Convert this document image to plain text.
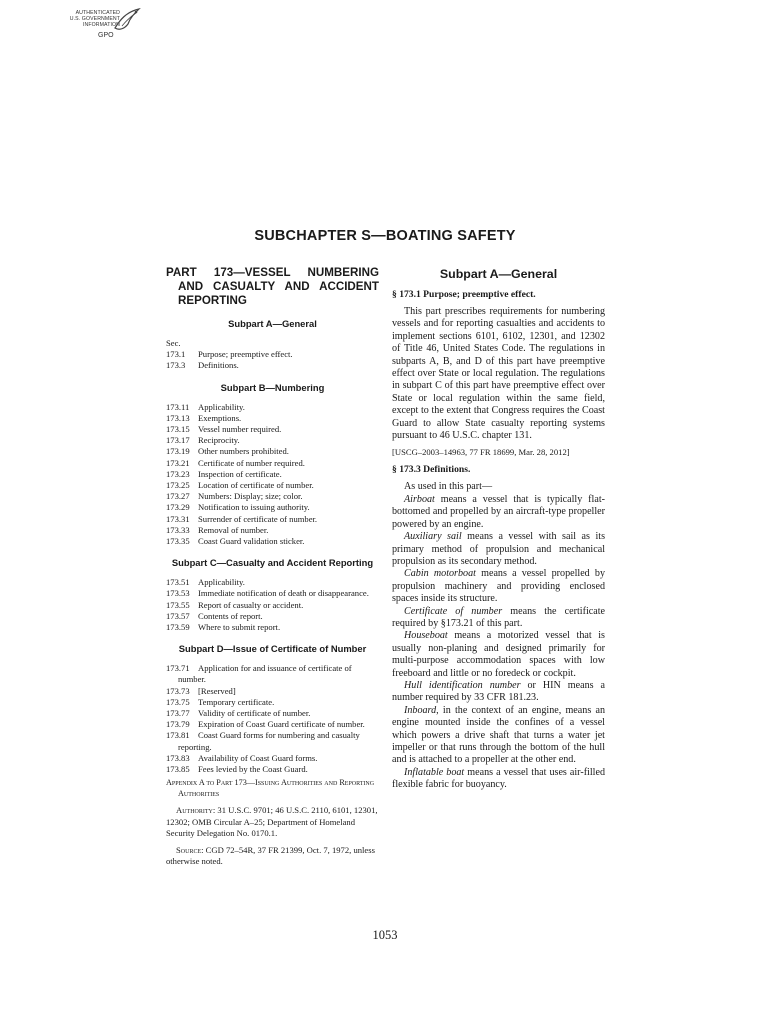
AUTHENTICATED
U.S. GOVERNMENT
INFORMATION
GPO
SUBCHAPTER S—BOATING SAFETY
PART 173—VESSEL NUMBERING AND CASUALTY AND ACCIDENT REPORTING
Subpart A—General
Sec.
173.1 Purpose; preemptive effect.
173.3 Definitions.
Subpart B—Numbering
173.11 Applicability.
173.13 Exemptions.
173.15 Vessel number required.
173.17 Reciprocity.
173.19 Other numbers prohibited.
173.21 Certificate of number required.
173.23 Inspection of certificate.
173.25 Location of certificate of number.
173.27 Numbers: Display; size; color.
173.29 Notification to issuing authority.
173.31 Surrender of certificate of number.
173.33 Removal of number.
173.35 Coast Guard validation sticker.
Subpart C—Casualty and Accident Reporting
173.51 Applicability.
173.53 Immediate notification of death or disappearance.
173.55 Report of casualty or accident.
173.57 Contents of report.
173.59 Where to submit report.
Subpart D—Issue of Certificate of Number
173.71 Application for and issuance of certificate of number.
173.73 [Reserved]
173.75 Temporary certificate.
173.77 Validity of certificate of number.
173.79 Expiration of Coast Guard certificate of number.
173.81 Coast Guard forms for numbering and casualty reporting.
173.83 Availability of Coast Guard forms.
173.85 Fees levied by the Coast Guard.
Appendix A to Part 173—Issuing Authorities and Reporting Authorities
Authority: 31 U.S.C. 9701; 46 U.S.C. 2110, 6101, 12301, 12302; OMB Circular A–25; Department of Homeland Security Delegation No. 0170.1.
Source: CGD 72–54R, 37 FR 21399, Oct. 7, 1972, unless otherwise noted.
Subpart A—General
§ 173.1 Purpose; preemptive effect.

This part prescribes requirements for numbering vessels and for reporting casualties and accidents to implement sections 6101, 6102, 12301, and 12302 of Title 46, United States Code. The regulations in subparts A, B, and D of this part have preemptive effect over State or local regulation. The regulations in subpart C of this part have preemptive effect over State or local regulation within the same field, except to the extent that Congress requires the Coast Guard to allow State casualty reporting systems pursuant to 46 U.S.C. chapter 131.

[USCG–2003–14963, 77 FR 18699, Mar. 28, 2012]
§ 173.3 Definitions.

As used in this part—

Airboat means a vessel that is typically flat-bottomed and propelled by an aircraft-type propeller powered by an engine.

Auxiliary sail means a vessel with sail as its primary method of propulsion and mechanical propulsion as its secondary method.

Cabin motorboat means a vessel propelled by propulsion machinery and providing enclosed spaces inside its structure.

Certificate of number means the certificate required by §173.21 of this part.

Houseboat means a motorized vessel that is usually non-planing and designed primarily for multi-purpose accommodation spaces with low freeboard and little or no foredeck or cockpit.

Hull identification number or HIN means a number required by 33 CFR 181.23.

Inboard, in the context of an engine, means an engine mounted inside the confines of a vessel which powers a drive shaft that turns a water jet impeller or that runs through the bottom of the hull and is attached to a propeller at the other end.

Inflatable boat means a vessel that uses air-filled flexible fabric for buoyancy.

1053
